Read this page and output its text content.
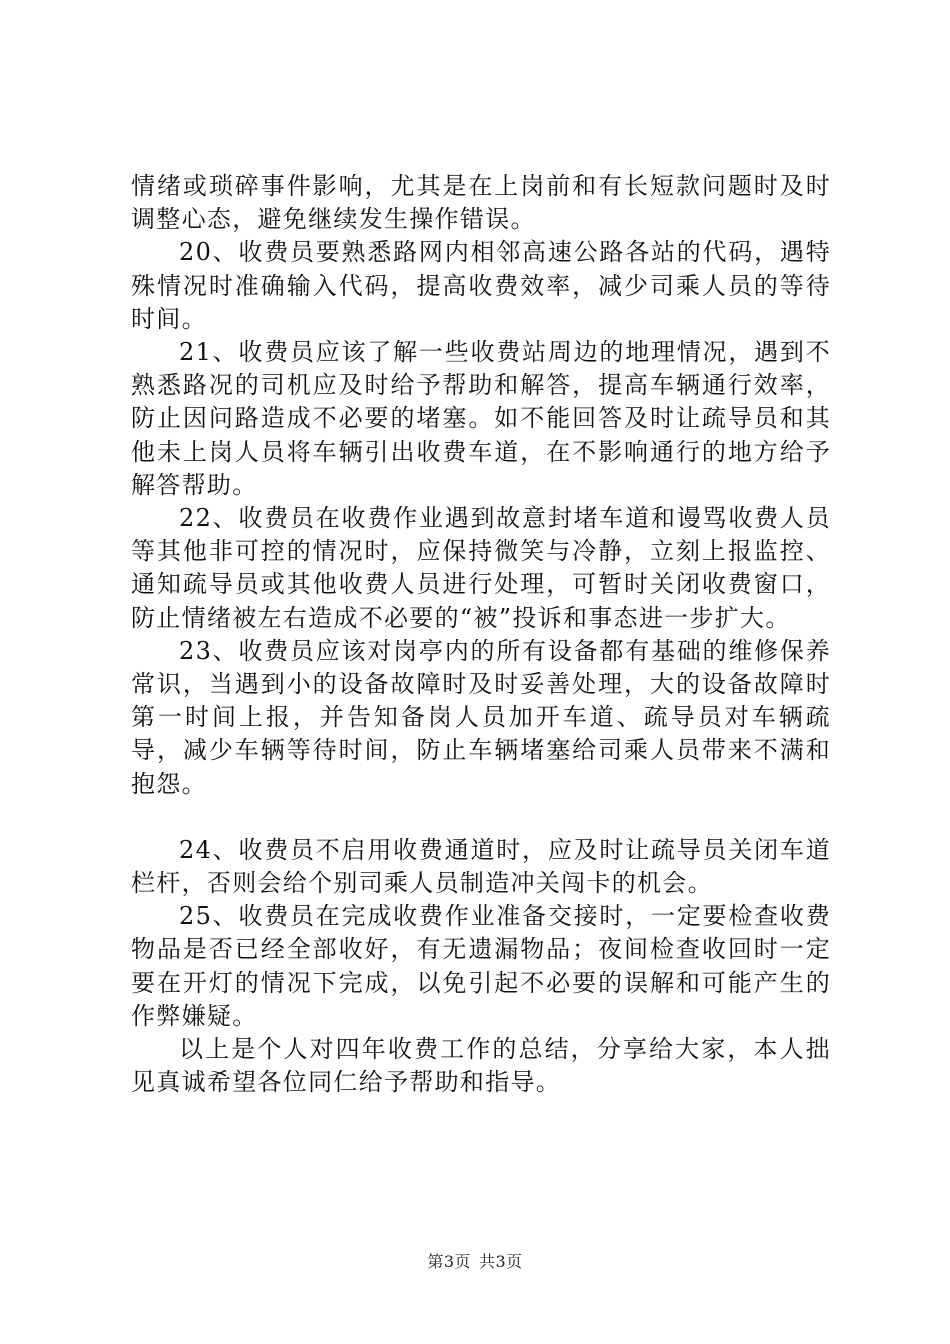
情绪或琐碎事件影响，尤其是在上岗前和有长短款问题时及时调整心态，避免继续发生操作错误。

20、收费员要熟悉路网内相邻高速公路各站的代码，遇特殊情况时准确输入代码，提高收费效率，减少司乘人员的等待时间。

21、收费员应该了解一些收费站周边的地理情况，遇到不熟悉路况的司机应及时给予帮助和解答，提高车辆通行效率，防止因问路造成不必要的堵塞。如不能回答及时让疏导员和其他未上岗人员将车辆引出收费车道，在不影响通行的地方给予解答帮助。

22、收费员在收费作业遇到故意封堵车道和谩骂收费人员等其他非可控的情况时，应保持微笑与冷静，立刻上报监控、通知疏导员或其他收费人员进行处理，可暂时关闭收费窗口，防止情绪被左右造成不必要的“被”投诉和事态进一步扩大。

23、收费员应该对岗亭内的所有设备都有基础的维修保养常识，当遇到小的设备故障时及时妥善处理，大的设备故障时第一时间上报，并告知备岗人员加开车道、疏导员对车辆疏导，减少车辆等待时间，防止车辆堵塞给司乘人员带来不满和抱怨。

24、收费员不启用收费通道时，应及时让疏导员关闭车道栏杆，否则会给个别司乘人员制造冲关闯卡的机会。

25、收费员在完成收费作业准备交接时，一定要检查收费物品是否已经全部收好，有无遗漏物品；夜间检查收回时一定要在开灯的情况下完成，以免引起不必要的误解和可能产生的作弊嫌疑。

以上是个人对四年收费工作的总结，分享给大家，本人拙见真诚希望各位同仁给予帮助和指导。

第3页 共3页
